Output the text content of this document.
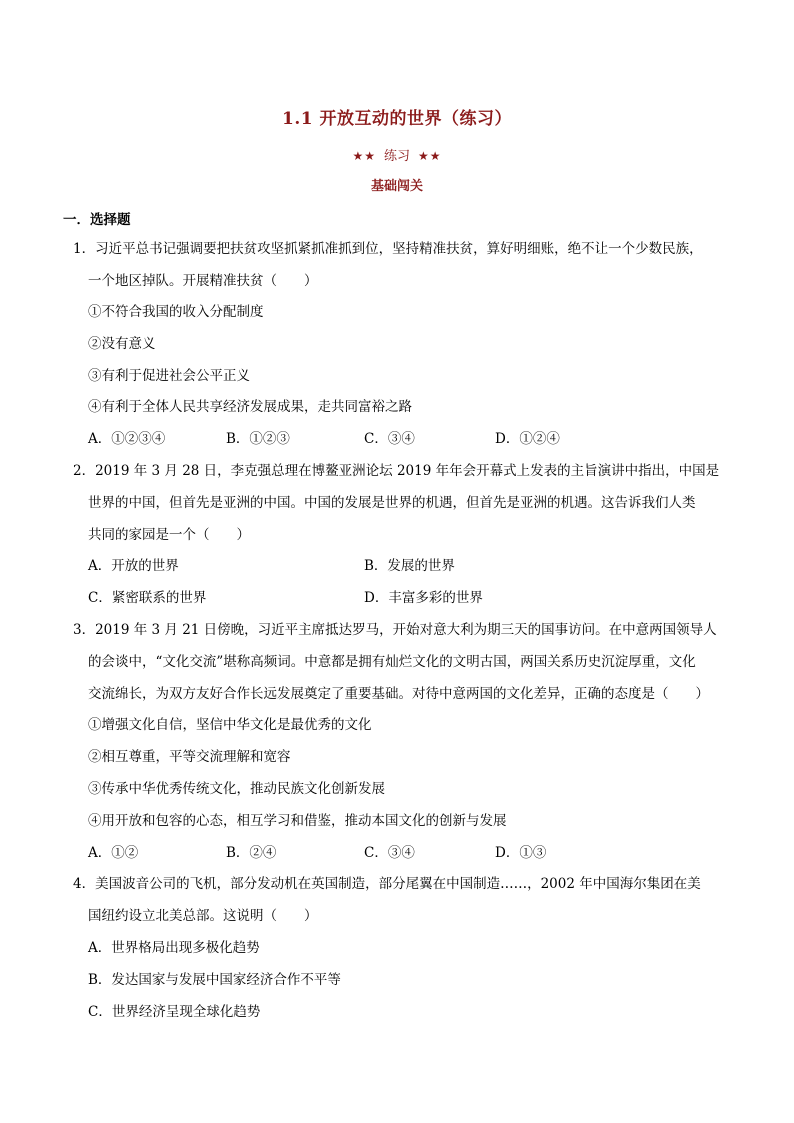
1.1 开放互动的世界（练习）
★★ 练习 ★★
基础闯关
一．选择题
1．习近平总书记强调要把扶贫攻坚抓紧抓准抓到位，坚持精准扶贫，算好明细账，绝不让一个少数民族，
一个地区掉队。开展精准扶贫（　　）
①不符合我国的收入分配制度
②没有意义
③有利于促进社会公平正义
④有利于全体人民共享经济发展成果，走共同富裕之路
A．①②③④	B．①②③	C．③④	D．①②④
2．2019 年 3 月 28 日，李克强总理在博鳌亚洲论坛 2019 年年会开幕式上发表的主旨演讲中指出，中国是
世界的中国，但首先是亚洲的中国。中国的发展是世界的机遇，但首先是亚洲的机遇。这告诉我们人类
共同的家园是一个（　　）
A．开放的世界	B．发展的世界
C．紧密联系的世界	D．丰富多彩的世界
3．2019 年 3 月 21 日傍晚，习近平主席抵达罗马，开始对意大利为期三天的国事访问。在中意两国领导人
的会谈中，“文化交流”堪称高频词。中意都是拥有灿烂文化的文明古国，两国关系历史沉淀厚重，文化
交流绵长，为双方友好合作长远发展奠定了重要基础。对待中意两国的文化差异，正确的态度是（　　）
①增强文化自信，坚信中华文化是最优秀的文化
②相互尊重，平等交流理解和宽容
③传承中华优秀传统文化，推动民族文化创新发展
④用开放和包容的心态，相互学习和借鉴，推动本国文化的创新与发展
A．①②	B．②④	C．③④	D．①③
4．美国波音公司的飞机，部分发动机在英国制造，部分尾翼在中国制造……，2002 年中国海尔集团在美
国纽约设立北美总部。这说明（　　）
A．世界格局出现多极化趋势
B．发达国家与发展中国家经济合作不平等
C．世界经济呈现全球化趋势
